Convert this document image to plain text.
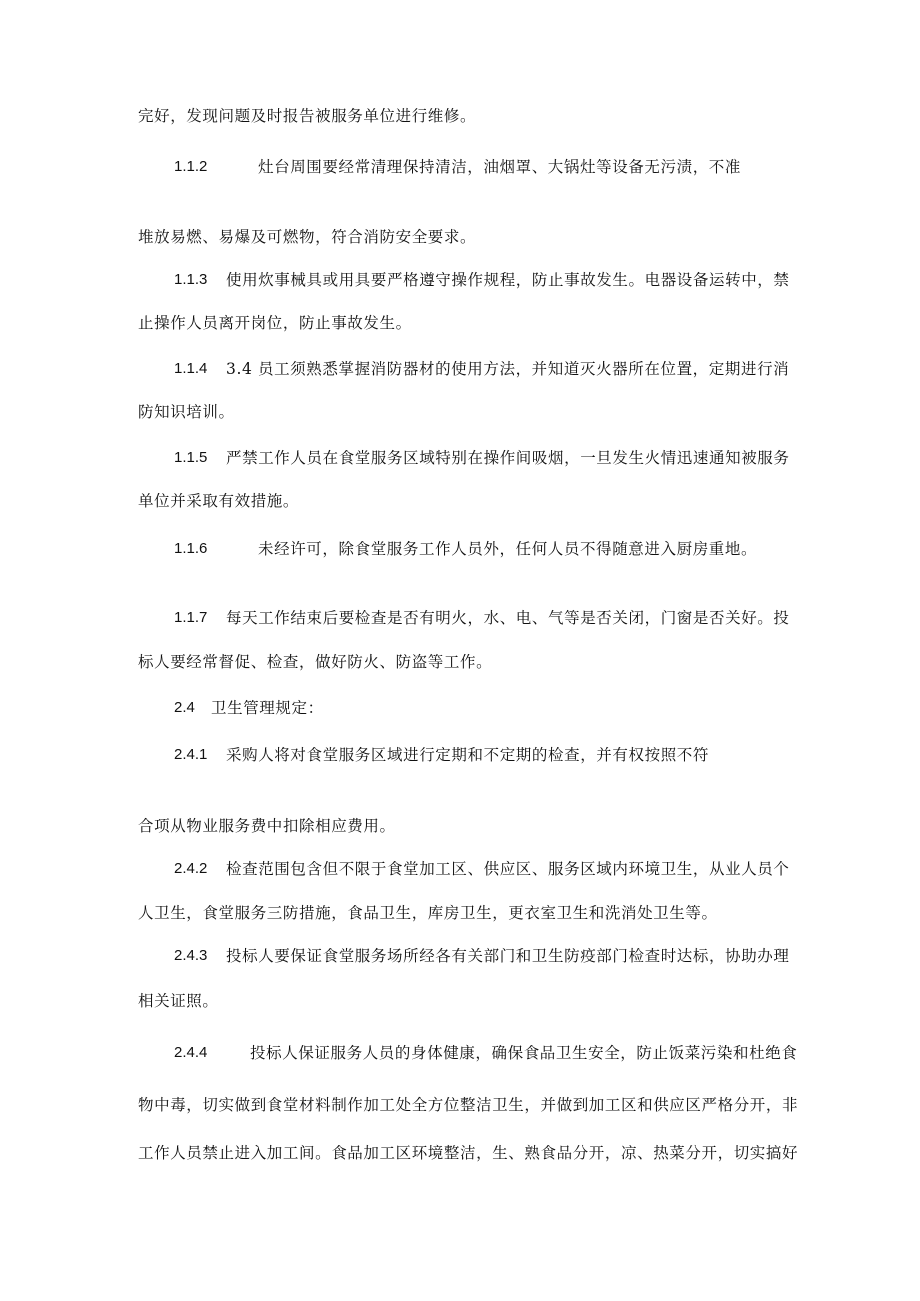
完好，发现问题及时报告被服务单位进行维修。
1.1.2	灶台周围要经常清理保持清洁，油烟罩、大锅灶等设备无污渍，不准
堆放易燃、易爆及可燃物，符合消防安全要求。
1.1.3 使用炊事械具或用具要严格遵守操作规程，防止事故发生。电器设备运转中，禁
止操作人员离开岗位，防止事故发生。
1.1.4 3.4 员工须熟悉掌握消防器材的使用方法，并知道灭火器所在位置，定期进行消
防知识培训。
1.1.5 严禁工作人员在食堂服务区域特别在操作间吸烟，一旦发生火情迅速通知被服务
单位并采取有效措施。
1.1.6	未经许可，除食堂服务工作人员外，任何人员不得随意进入厨房重地。
1.1.7 每天工作结束后要检查是否有明火，水、电、气等是否关闭，门窗是否关好。投
标人要经常督促、检查，做好防火、防盗等工作。
2.4 卫生管理规定：
2.4.1 采购人将对食堂服务区域进行定期和不定期的检查，并有权按照不符
合项从物业服务费中扣除相应费用。
2.4.2 检查范围包含但不限于食堂加工区、供应区、服务区域内环境卫生，从业人员个
人卫生，食堂服务三防措施，食品卫生，库房卫生，更衣室卫生和洗消处卫生等。
2.4.3 投标人要保证食堂服务场所经各有关部门和卫生防疫部门检查时达标，协助办理
相关证照。
2.4.4	投标人保证服务人员的身体健康，确保食品卫生安全，防止饭菜污染和杜绝食
物中毒，切实做到食堂材料制作加工处全方位整洁卫生，并做到加工区和供应区严格分开，非
工作人员禁止进入加工间。食品加工区环境整洁，生、熟食品分开，凉、热菜分开，切实搞好
